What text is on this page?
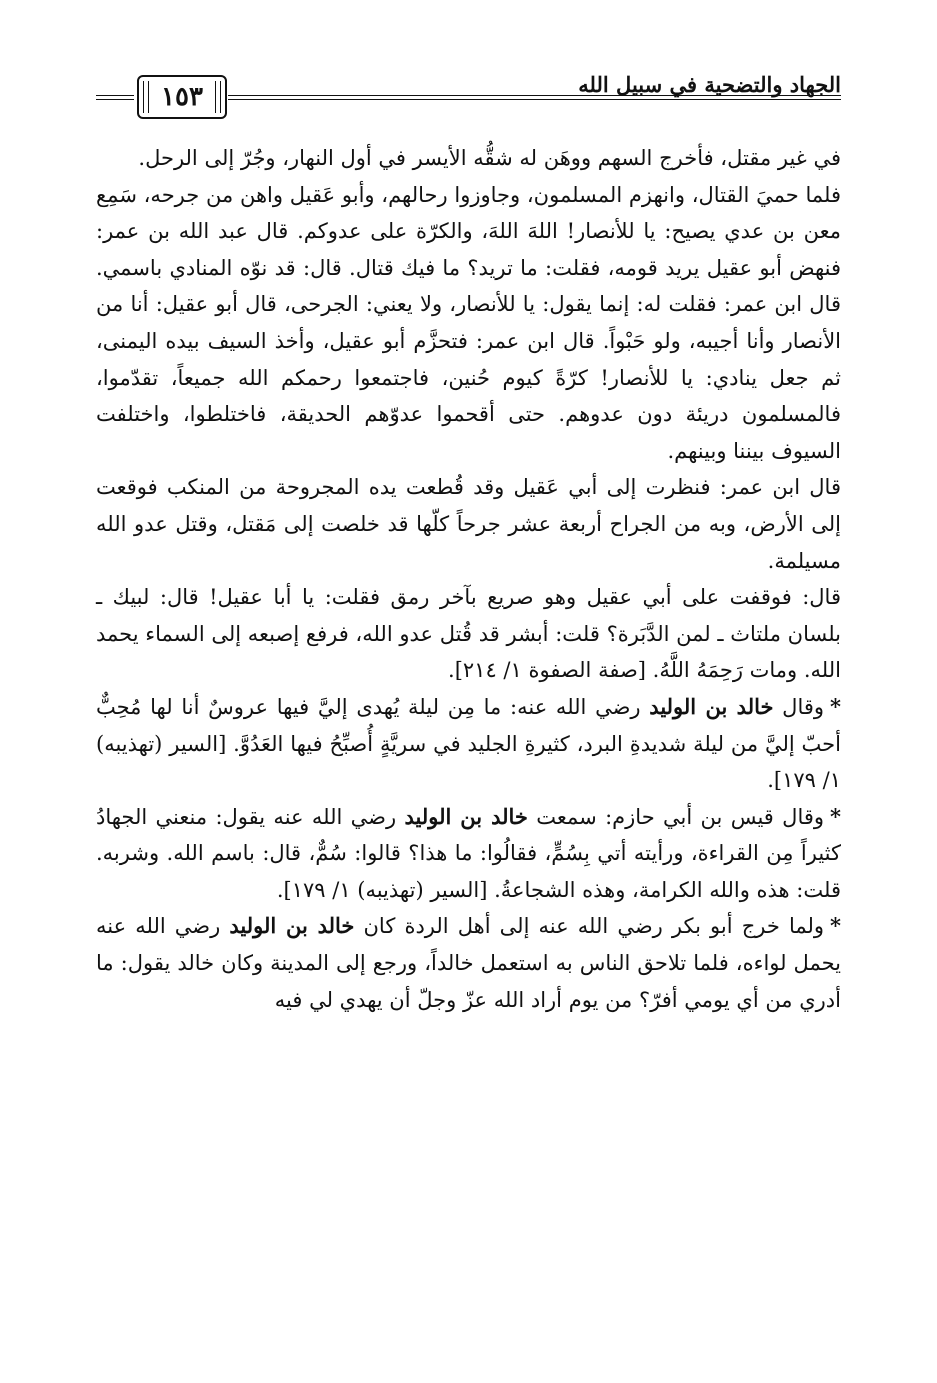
الجهاد والتضحية في سبيل الله
١٥٣

في غير مقتل، فأخرج السهم ووهَن له شقُّه الأيسر في أول النهار، وجُرّ إلى الرحل.

فلما حميَ القتال، وانهزم المسلمون، وجاوزوا رحالهم، وأبو عَقيل واهن من جرحه، سَمِع معن بن عدي يصيح: يا للأنصار! اللهَ اللهَ، والكرّة على عدوكم. قال عبد الله بن عمر: فنهض أبو عقيل يريد قومه، فقلت: ما تريد؟ ما فيك قتال. قال: قد نوّه المنادي باسمي. قال ابن عمر: فقلت له: إنما يقول: يا للأنصار، ولا يعني: الجرحى، قال أبو عقيل: أنا من الأنصار وأنا أجيبه، ولو حَبْواً. قال ابن عمر: فتحزَّم أبو عقيل، وأخذ السيف بيده اليمنى، ثم جعل ينادي: يا للأنصار! كرّةً كيوم حُنين، فاجتمعوا رحمكم الله جميعاً، تقدّموا، فالمسلمون دريئة دون عدوهم. حتى أقحموا عدوّهم الحديقة، فاختلطوا، واختلفت السيوف بيننا وبينهم.

قال ابن عمر: فنظرت إلى أبي عَقيل وقد قُطعت يده المجروحة من المنكب فوقعت إلى الأرض، وبه من الجراح أربعة عشر جرحاً كلّها قد خلصت إلى مَقتل، وقتل عدو الله مسيلمة.

قال: فوقفت على أبي عقيل وهو صريع بآخر رمق فقلت: يا أبا عقيل! قال: لبيك ـ بلسان ملتاث ـ لمن الدَّبَرة؟ قلت: أبشر قد قُتل عدو الله، فرفع إصبعه إلى السماء يحمد الله. ومات رَحِمَهُ اللَّهُ. [صفة الصفوة ١/ ٢١٤].

*وقال خالد بن الوليد رضي الله عنه: ما مِن ليلة يُهدى إليَّ فيها عروسٌ أنا لها مُحِبٌّ أحبّ إليَّ من ليلة شديدةِ البرد، كثيرةِ الجليد في سريَّةٍ أُصبِّحُ فيها العَدُوَّ. [السير (تهذيبه) ١/ ١٧٩].

*وقال قيس بن أبي حازم: سمعت خالد بن الوليد رضي الله عنه يقول: منعني الجهادُ كثيراً مِن القراءة، ورأيته أتي بِسُمٍّ، فقالُوا: ما هذا؟ قالوا: سُمٌّ، قال: باسم الله. وشربه. قلت: هذه والله الكرامة، وهذه الشجاعةُ. [السير (تهذيبه) ١/ ١٧٩].

*ولما خرج أبو بكر رضي الله عنه إلى أهل الردة كان خالد بن الوليد رضي الله عنه يحمل لواءه، فلما تلاحق الناس به استعمل خالداً، ورجع إلى المدينة وكان خالد يقول: ما أدري من أي يومي أفرّ؟ من يوم أراد الله عزّ وجلّ أن يهدي لي فيه
